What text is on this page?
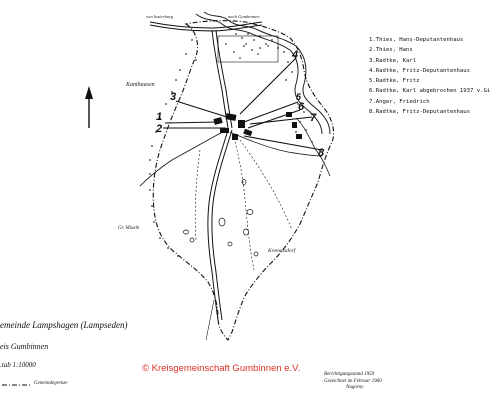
1
2
3
4
5
6
7
8
von Insterburg	nach Gumbinnen
Kanthausen
Gr. Mixeln
Kremmsdorf
1.Thies, Hans-Deputantenhaus
2.Thies, Hans
3.Radtke, Karl
4.Radtke, Fritz-Deputantenhaus
5.Radtke, Fritz
6.Radtke, Karl abgebrochen 1937 v.Gi
7.Anger, Friedrich
8.Radtke, Fritz-Deputantenhaus
emeinde Lampshagen (Lampseden)
eis Gumbinnen
.tab 1:10000
Gemeindegrenze
© Kreisgemeinschaft Gumbinnen e.V.
Berichtigungsstand 1959
Gezeichnet im Februar 1960
Nagorny
